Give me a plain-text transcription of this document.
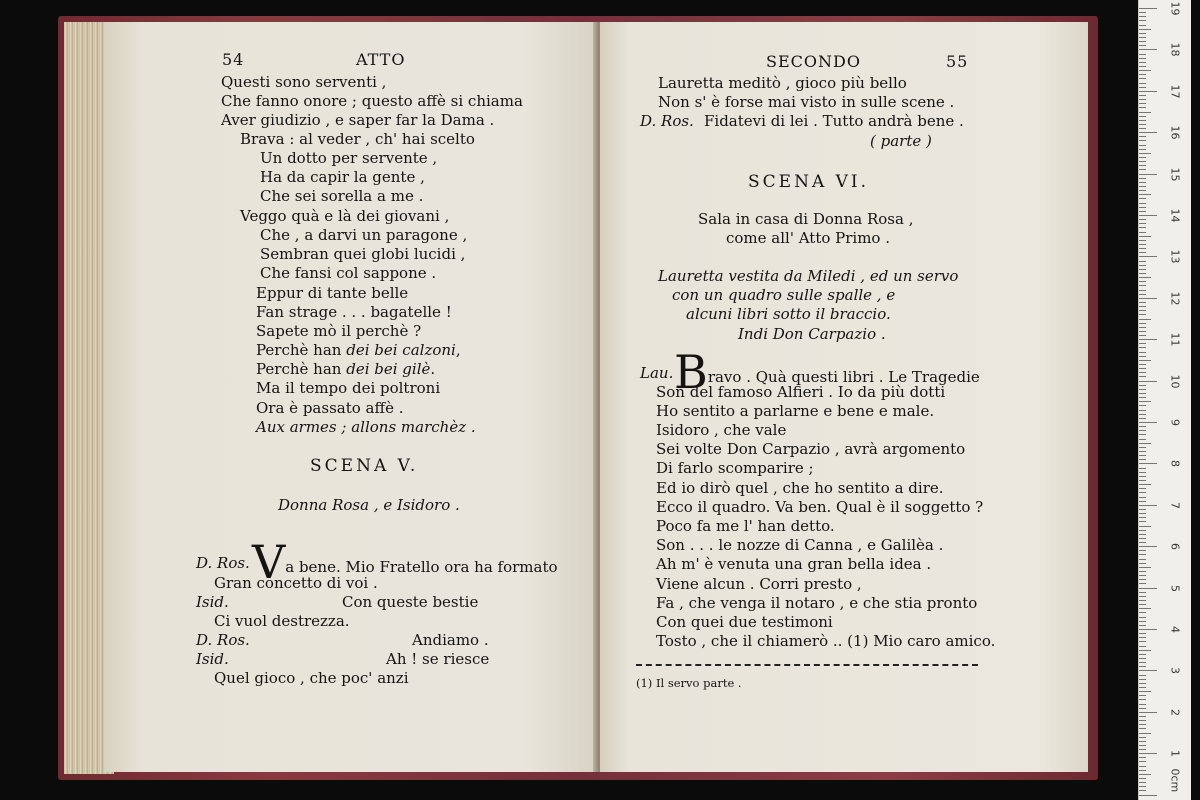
54	ATTO
Questi sono serventi ,
Che fanno onore ; questo affè si chiama
Aver giudizio , e saper far la Dama .
Brava : al veder , ch' hai scelto
Un dotto per servente ,
Ha da capir la gente ,
Che sei sorella a me .
Veggo quà e là dei giovani ,
Che , a darvi un paragone ,
Sembran quei globi lucidi ,
Che fansi col sappone .
Eppur di tante belle
Fan strage . . . bagatelle !
Sapete mò il perchè ?
Perchè han dei bei calzoni,
Perchè han dei bei gilè.
Ma il tempo dei poltroni
Ora è passato affè .
Aux armes ; allons marchèz .
SCENA V.
Donna Rosa , e Isidoro .
D. Ros. Va bene. Mio Fratello ora ha formato
Gran concetto di voi .
Isid.	Con queste bestie
Ci vuol destrezza.
D. Ros.	Andiamo .
Isid.	Ah ! se riesce
Quel gioco , che poc' anzi
SECONDO	55
Lauretta meditò , gioco più bello
Non s' è forse mai visto in sulle scene .
D. Ros. Fidatevi di lei . Tutto andrà bene .
( parte )
SCENA VI.
Sala in casa di Donna Rosa ,
come all' Atto Primo .
Lauretta vestita da Miledi , ed un servo
con un quadro sulle spalle , e
alcuni libri sotto il braccio.
Indi Don Carpazio .
Lau. Bravo . Quà questi libri . Le Tragedie
Son del famoso Alfieri . Io da più dotti
Ho sentito a parlarne e bene e male.
Isidoro , che vale
Sei volte Don Carpazio , avrà argomento
Di farlo scomparire ;
Ed io dirò quel , che ho sentito a dire.
Ecco il quadro. Va ben. Qual è il soggetto ?
Poco fa me l' han detto.
Son . . . le nozze di Canna , e Galilèa .
Ah m' è venuta una gran bella idea .
Viene alcun . Corri presto ,
Fa , che venga il notaro , e che stia pronto
Con quei due testimoni
Tosto , che il chiamerò .. (1) Mio caro amico.
(1) Il servo parte .
19
18
17
16
15
14
13
12
11
10
9
8
7
6
5
4
3
2
1
0cm
